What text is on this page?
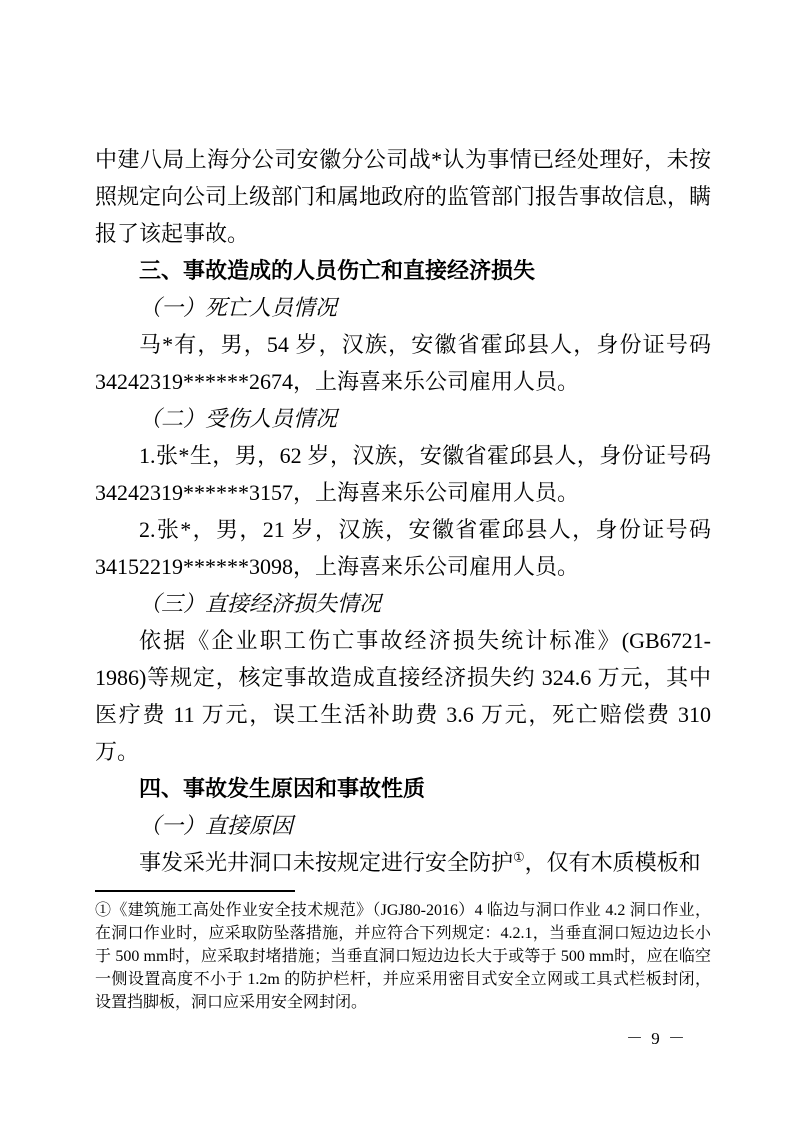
中建八局上海分公司安徽分公司战*认为事情已经处理好，未按照规定向公司上级部门和属地政府的监管部门报告事故信息，瞒报了该起事故。

三、事故造成的人员伤亡和直接经济损失
（一）死亡人员情况

马*有，男，54 岁，汉族，安徽省霍邱县人，身份证号码34242319******2674，上海喜来乐公司雇用人员。

（二）受伤人员情况

1.张*生，男，62 岁，汉族，安徽省霍邱县人，身份证号码34242319******3157，上海喜来乐公司雇用人员。

2.张*，男，21 岁，汉族，安徽省霍邱县人，身份证号码34152219******3098，上海喜来乐公司雇用人员。

（三）直接经济损失情况

依据《企业职工伤亡事故经济损失统计标准》(GB6721-1986)等规定，核定事故造成直接经济损失约 324.6 万元，其中医疗费 11 万元，误工生活补助费 3.6 万元，死亡赔偿费 310 万。

四、事故发生原因和事故性质
（一）直接原因

事发采光井洞口未按规定进行安全防护①，仅有木质模板和

①《建筑施工高处作业安全技术规范》（JGJ80-2016）4 临边与洞口作业 4.2 洞口作业，在洞口作业时，应采取防坠落措施，并应符合下列规定：4.2.1，当垂直洞口短边边长小于 500 mm时，应采取封堵措施；当垂直洞口短边边长大于或等于 500 mm时，应在临空一侧设置高度不小于 1.2m 的防护栏杆，并应采用密目式安全立网或工具式栏板封闭，设置挡脚板，洞口应采用安全网封闭。

－ 9 －
